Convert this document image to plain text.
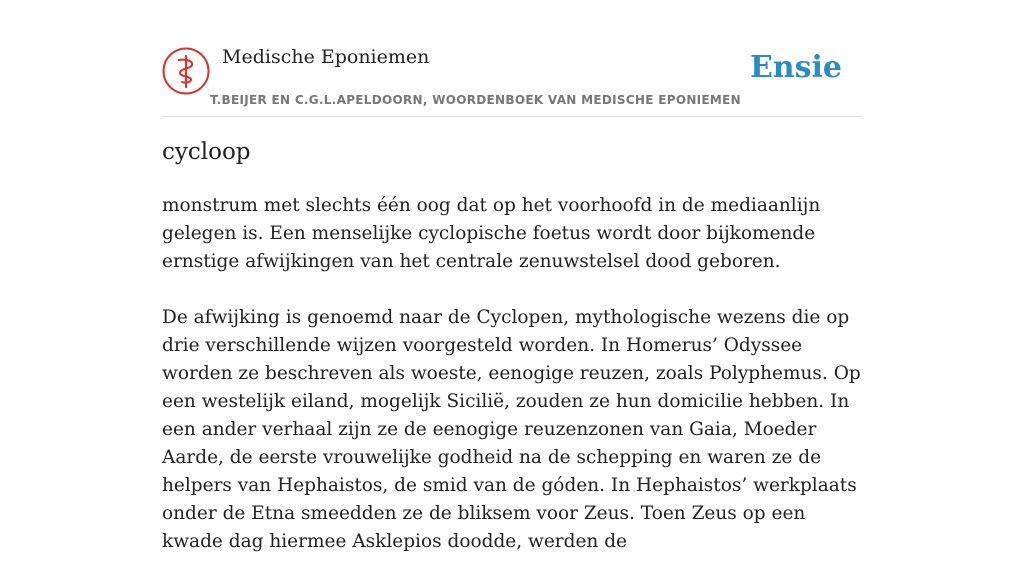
Medische Eponiemen
T.BEIJER EN C.G.L.APELDOORN, WOORDENBOEK VAN MEDISCHE EPONIEMEN
Ensie
cycloop

monstrum met slechts één oog dat op het voorhoofd in de mediaanlijn gelegen is. Een menselijke cyclopische foetus wordt door bijkomende ernstige afwijkingen van het centrale zenuwstelsel dood geboren.

De afwijking is genoemd naar de Cyclopen, mythologische wezens die op drie verschillende wijzen voorgesteld worden. In Homerus’ Odyssee worden ze beschreven als woeste, eenogige reuzen, zoals Polyphemus. Op een westelijk eiland, mogelijk Sicilië, zouden ze hun domicilie hebben. In een ander verhaal zijn ze de eenogige reuzenzonen van Gaia, Moeder Aarde, de eerste vrouwelijke godheid na de schepping en waren ze de helpers van Hephaistos, de smid van de góden. In Hephaistos’ werkplaats onder de Etna smeedden ze de bliksem voor Zeus. Toen Zeus op een kwade dag hiermee Asklepios doodde, werden de
